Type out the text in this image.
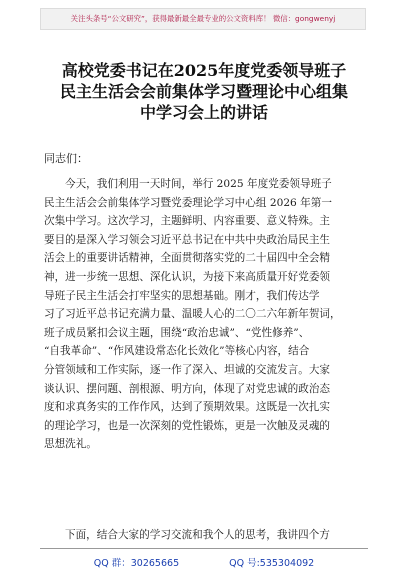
关注头条号“公文研究”，获得最新最全最专业的公文资料库！ 微信：gongwenyj
高校党委书记在2025年度党委领导班子
民主生活会会前集体学习暨理论中心组集
中学习会上的讲话
同志们：
今天，我们利用一天时间，举行 2025 年度党委领导班子
民主生活会会前集体学习暨党委理论学习中心组 2026 年第一
次集中学习。这次学习，主题鲜明、内容重要、意义特殊。主
要目的是深入学习领会习近平总书记在中共中央政治局民主生
活会上的重要讲话精神，全面贯彻落实党的二十届四中全会精
神，进一步统一思想、深化认识，为接下来高质量开好党委领
导班子民主生活会打牢坚实的思想基础。刚才，我们传达学
习了习近平总书记充满力量、温暖人心的二〇二六年新年贺词，
班子成员紧扣会议主题，围绕“政治忠诚”、“党性修养”、
“自我革命”、“作风建设常态化长效化”等核心内容，结合
分管领域和工作实际，逐一作了深入、坦诚的交流发言。大家
谈认识、摆问题、剖根源、明方向，体现了对党忠诚的政治态
度和求真务实的工作作风，达到了预期效果。这既是一次扎实
的理论学习，也是一次深刻的党性锻炼，更是一次触及灵魂的
思想洗礼。
下面，结合大家的学习交流和我个人的思考，我讲四个方
QQ 群：30265665	QQ 号:535304092
